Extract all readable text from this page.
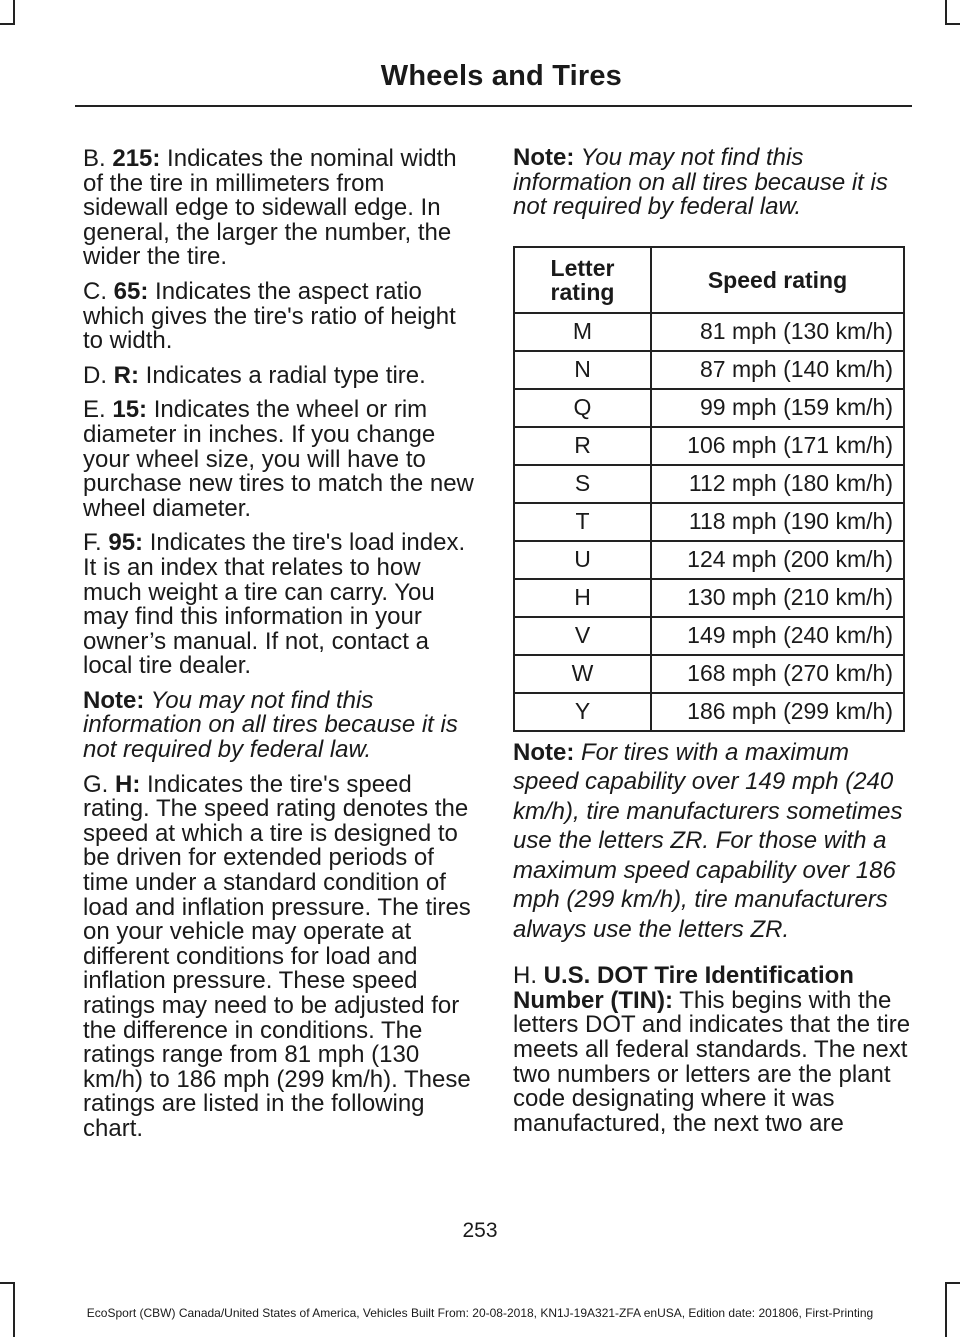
Wheels and Tires

B. 215: Indicates the nominal width of the tire in millimeters from sidewall edge to sidewall edge. In general, the larger the number, the wider the tire.

C. 65: Indicates the aspect ratio which gives the tire's ratio of height to width.

D. R: Indicates a radial type tire.

E. 15: Indicates the wheel or rim diameter in inches. If you change your wheel size, you will have to purchase new tires to match the new wheel diameter.

F. 95: Indicates the tire's load index. It is an index that relates to how much weight a tire can carry. You may find this information in your owner’s manual. If not, contact a local tire dealer.

Note: You may not find this information on all tires because it is not required by federal law.

G. H: Indicates the tire's speed rating. The speed rating denotes the speed at which a tire is designed to be driven for extended periods of time under a standard condition of load and inflation pressure. The tires on your vehicle may operate at different conditions for load and inflation pressure. These speed ratings may need to be adjusted for the difference in conditions. The ratings range from 81 mph (130 km/h) to 186 mph (299 km/h). These ratings are listed in the following chart.

Note: You may not find this information on all tires because it is not required by federal law.

Letter rating	Speed rating
M	81 mph (130 km/h)
N	87 mph (140 km/h)
Q	99 mph (159 km/h)
R	106 mph (171 km/h)
S	112 mph (180 km/h)
T	118 mph (190 km/h)
U	124 mph (200 km/h)
H	130 mph (210 km/h)
V	149 mph (240 km/h)
W	168 mph (270 km/h)
Y	186 mph (299 km/h)

Note: For tires with a maximum speed capability over 149 mph (240 km/h), tire manufacturers sometimes use the letters ZR. For those with a maximum speed capability over 186 mph (299 km/h), tire manufacturers always use the letters ZR.

H. U.S. DOT Tire Identification Number (TIN): This begins with the letters DOT and indicates that the tire meets all federal standards. The next two numbers or letters are the plant code designating where it was manufactured, the next two are

253
EcoSport (CBW) Canada/United States of America, Vehicles Built From: 20-08-2018, KN1J-19A321-ZFA enUSA, Edition date: 201806, First-Printing
